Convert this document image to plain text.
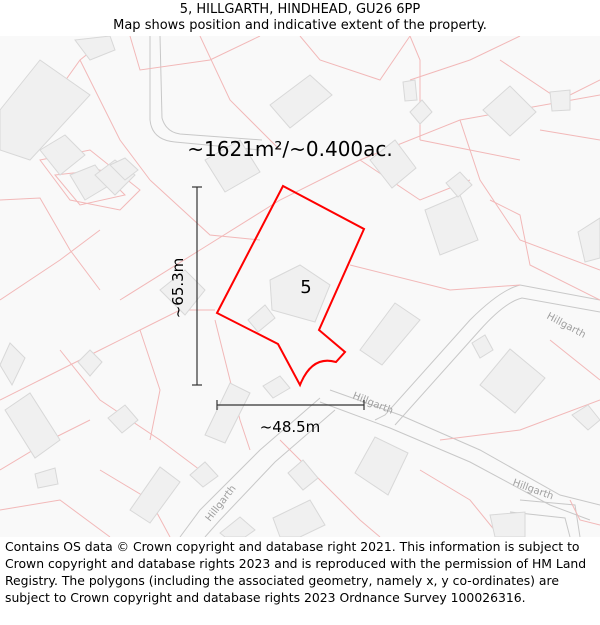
5, HILLGARTH, HINDHEAD, GU26 6PP
Map shows position and indicative extent of the property.
Hillgarth
Hillgarth
Hillgarth
Hillgarth
5
~1621m²/~0.400ac.
~65.3m
~48.5m
Contains OS data © Crown copyright and database right 2021. This information is subject to Crown copyright and database rights 2023 and is reproduced with the permission of HM Land Registry. The polygons (including the associated geometry, namely x, y co-ordinates) are subject to Crown copyright and database rights 2023 Ordnance Survey 100026316.
